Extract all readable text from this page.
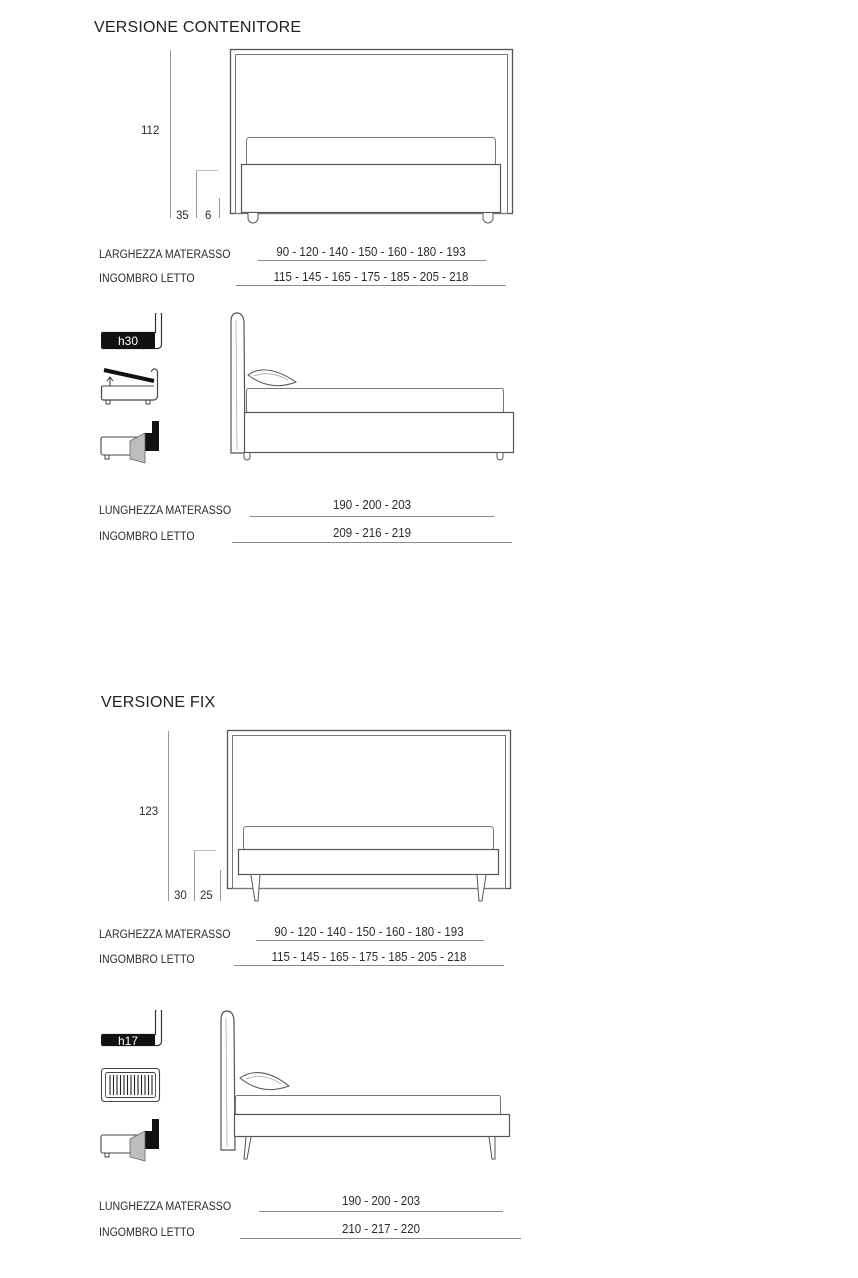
VERSIONE CONTENITORE
112
35 6
LARGHEZZA MATERASSO	90 - 120 - 140 - 150 - 160 - 180 - 193
INGOMBRO LETTO	115 - 145 - 165 - 175 - 185 - 205 - 218
h30
LUNGHEZZA MATERASSO	190 - 200 - 203
INGOMBRO LETTO	209 - 216 - 219
VERSIONE FIX
123
30 25
LARGHEZZA MATERASSO	90 - 120 - 140 - 150 - 160 - 180 - 193
INGOMBRO LETTO	115 - 145 - 165 - 175 - 185 - 205 - 218
h17
LUNGHEZZA MATERASSO	190 - 200 - 203
INGOMBRO LETTO	210 - 217 - 220
